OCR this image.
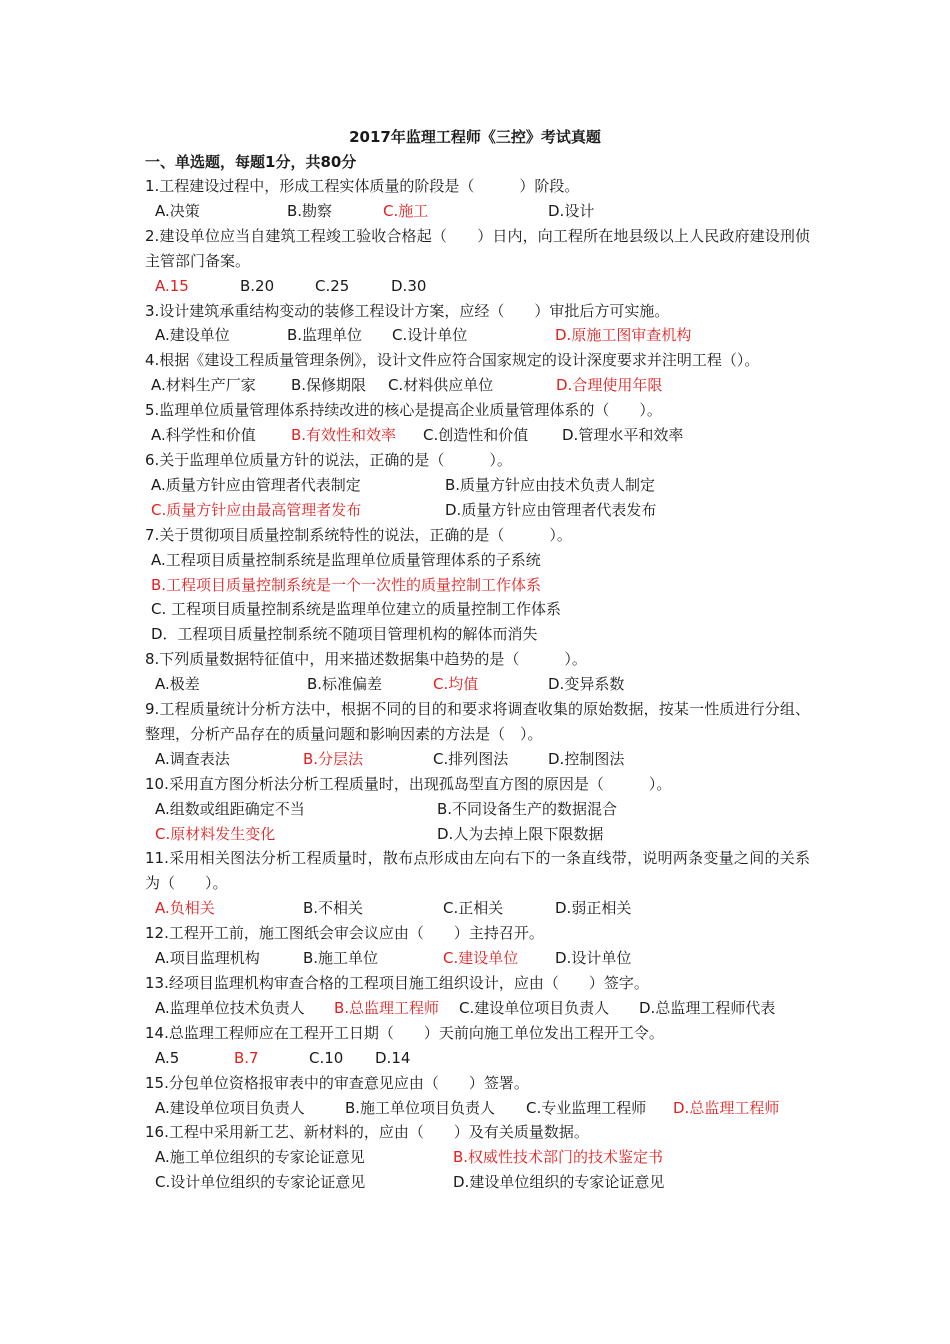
2017年监理工程师《三控》考试真题
一、单选题，每题1分，共80分

1.工程建设过程中，形成工程实体质量的阶段是（　　　）阶段。

A.决策	B.勘察	C.施工	D.设计

2.建设单位应当自建筑工程竣工验收合格起（　　）日内，向工程所在地县级以上人民政府建设刑侦主管部门备案。

A.15	B.20	C.25	D.30

3.设计建筑承重结构变动的装修工程设计方案，应经（　　）审批后方可实施。

A.建设单位	B.监理单位 C.设计单位	D.原施工图审查机构

4.根据《建设工程质量管理条例》，设计文件应符合国家规定的设计深度要求并注明工程（）。

A.材料生产厂家 B.保修期限 C.材料供应单位	D.合理使用年限

5.监理单位质量管理体系持续改进的核心是提高企业质量管理体系的（　　）。

A.科学性和价值 B.有效性和效率 C.创造性和价值 D.管理水平和效率

6.关于监理单位质量方针的说法，正确的是（　　　）。

A.质量方针应由管理者代表制定	B.质量方针应由技术负责人制定
C.质量方针应由最高管理者发布	D.质量方针应由管理者代表发布

7.关于贯彻项目质量控制系统特性的说法，正确的是（　　　）。

A.工程项目质量控制系统是监理单位质量管理体系的子系统
B.工程项目质量控制系统是一个一次性的质量控制工作体系
C. 工程项目质量控制系统是监理单位建立的质量控制工作体系
D．工程项目质量控制系统不随项目管理机构的解体而消失

8.下列质量数据特征值中，用来描述数据集中趋势的是（　　　）。

A.极差	B.标准偏差	C.均值	D.变异系数

9.工程质量统计分析方法中，根据不同的目的和要求将调查收集的原始数据，按某一性质进行分组、整理，分析产品存在的质量问题和影响因素的方法是（　）。

A.调查表法	B.分层法	C.排列图法	D.控制图法

10.采用直方图分析法分析工程质量时，出现孤岛型直方图的原因是（　　　）。

A.组数或组距确定不当	B.不同设备生产的数据混合
C.原材料发生变化	D.人为去掉上限下限数据

11.采用相关图法分析工程质量时，散布点形成由左向右下的一条直线带，说明两条变量之间的关系为（　　）。

A.负相关	B.不相关	C.正相关	D.弱正相关

12.工程开工前，施工图纸会审会议应由（　　）主持召开。

A.项目监理机构	B.施工单位	C.建设单位 D.设计单位

13.经项目监理机构审查合格的工程项目施工组织设计，应由（　　）签字。

A.监理单位技术负责人 B.总监理工程师 C.建设单位项目负责人 D.总监理工程师代表

14.总监理工程师应在工程开工日期（　　）天前向施工单位发出工程开工令。

A.5	B.7	C.10 D.14

15.分包单位资格报审表中的审查意见应由（　　）签署。

A.建设单位项目负责人	B.施工单位项目负责人 C.专业监理工程师 D.总监理工程师

16.工程中采用新工艺、新材料的，应由（　　）及有关质量数据。

A.施工单位组织的专家论证意见	B.权威性技术部门的技术鉴定书
C.设计单位组织的专家论证意见	D.建设单位组织的专家论证意见
